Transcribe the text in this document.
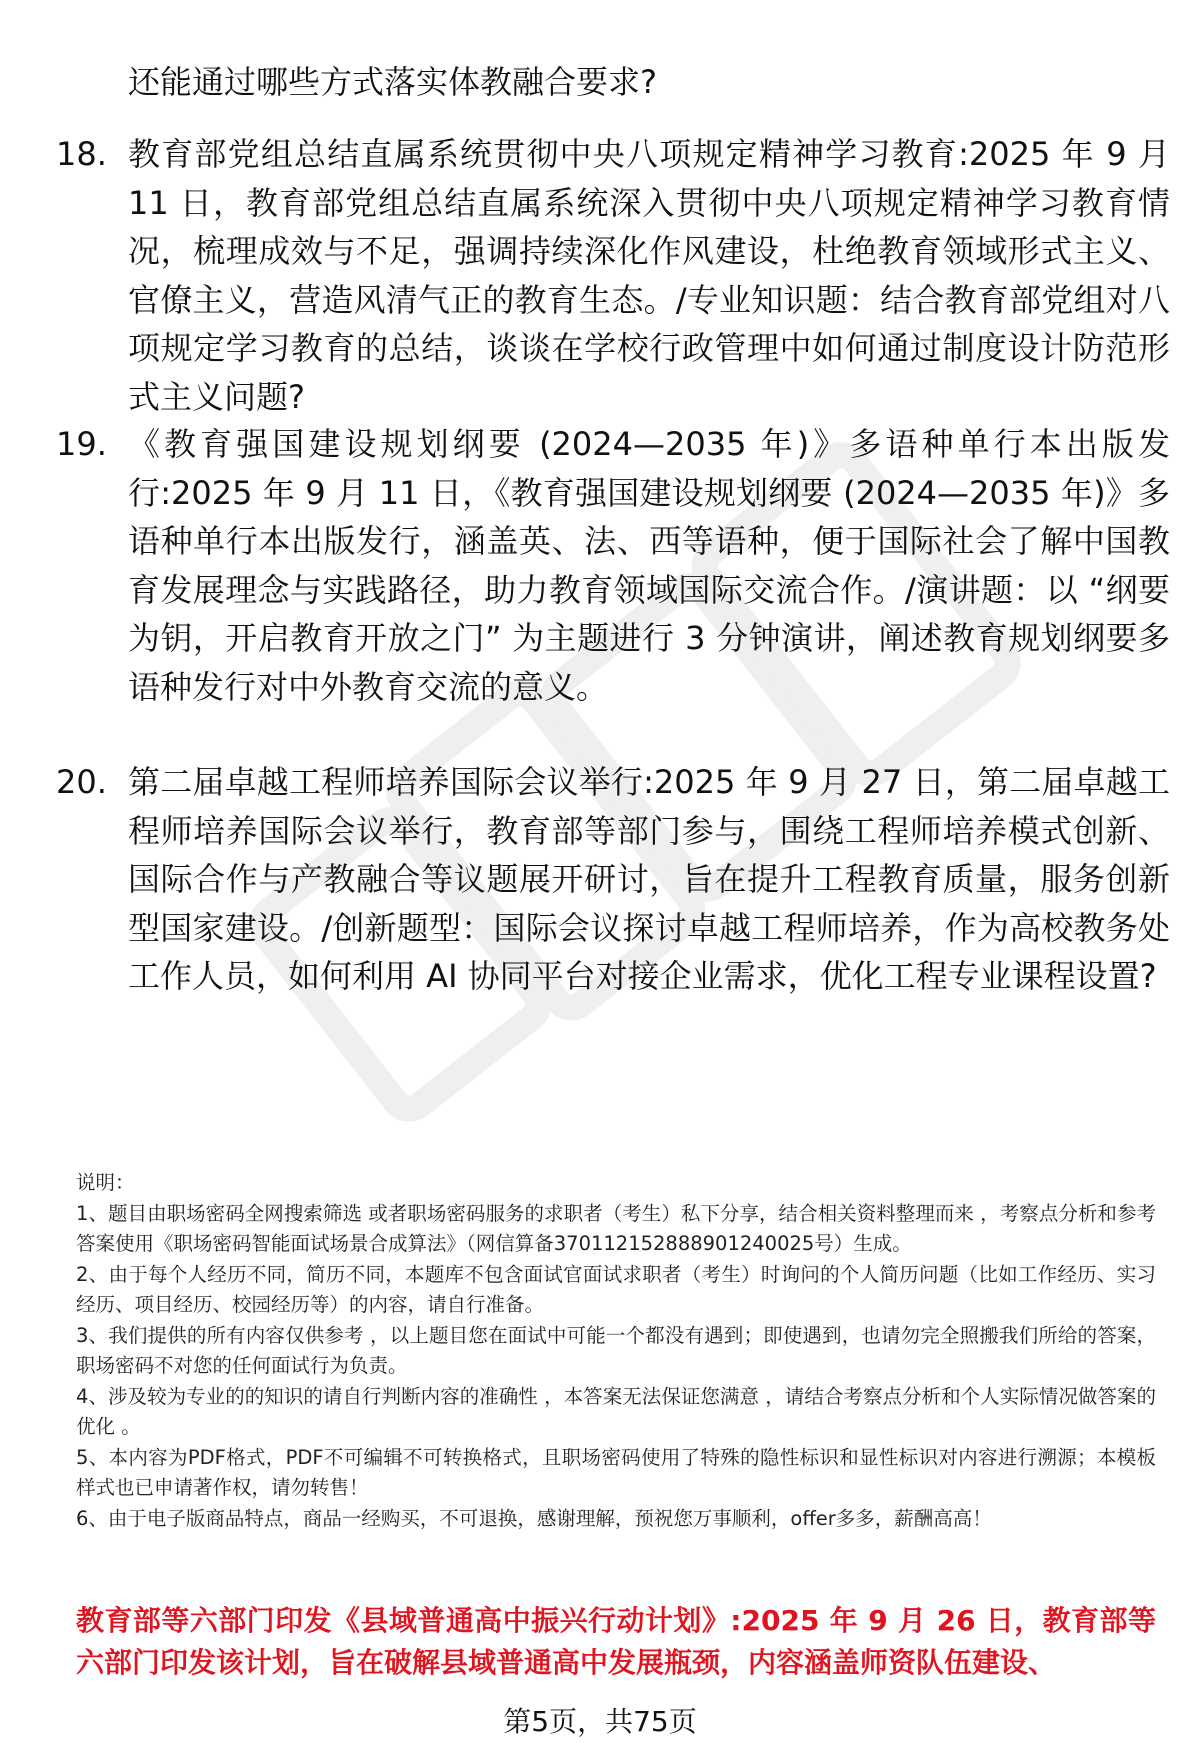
还能通过哪些方式落实体教融合要求?
18. 教育部党组总结直属系统贯彻中央八项规定精神学习教育:2025 年 9 月 11 日，教育部党组总结直属系统深入贯彻中央八项规定精神学习教育情况，梳理成效与不足，强调持续深化作风建设，杜绝教育领域形式主义、官僚主义，营造风清气正的教育生态。/专业知识题：结合教育部党组对八项规定学习教育的总结，谈谈在学校行政管理中如何通过制度设计防范形式主义问题?
19. 《教育强国建设规划纲要 (2024—2035 年)》多语种单行本出版发行:2025 年 9 月 11 日，《教育强国建设规划纲要 (2024—2035 年)》多语种单行本出版发行，涵盖英、法、西等语种，便于国际社会了解中国教育发展理念与实践路径，助力教育领域国际交流合作。/演讲题：以 “纲要为钥，开启教育开放之门” 为主题进行 3 分钟演讲，阐述教育规划纲要多语种发行对中外教育交流的意义。
20. 第二届卓越工程师培养国际会议举行:2025 年 9 月 27 日，第二届卓越工程师培养国际会议举行，教育部等部门参与，围绕工程师培养模式创新、国际合作与产教融合等议题展开研讨，旨在提升工程教育质量，服务创新型国家建设。/创新题型：国际会议探讨卓越工程师培养，作为高校教务处工作人员，如何利用 AI 协同平台对接企业需求，优化工程专业课程设置?

说明：

1、题目由职场密码全网搜索筛选 或者职场密码服务的求职者（考生）私下分享，结合相关资料整理而来 ，考察点分析和参考答案使用《职场密码智能面试场景合成算法》（网信算备370112152888901240025号）生成。

2、由于每个人经历不同，简历不同，本题库不包含面试官面试求职者（考生）时询问的个人简历问题（比如工作经历、实习经历、项目经历、校园经历等）的内容，请自行准备。

3、我们提供的所有内容仅供参考 ，以上题目您在面试中可能一个都没有遇到；即使遇到，也请勿完全照搬我们所给的答案，职场密码不对您的任何面试行为负责。

4、涉及较为专业的的知识的请自行判断内容的准确性 ，本答案无法保证您满意 ，请结合考察点分析和个人实际情况做答案的优化 。

5、本内容为PDF格式，PDF不可编辑不可转换格式，且职场密码使用了特殊的隐性标识和显性标识对内容进行溯源；本模板样式也已申请著作权，请勿转售！

6、由于电子版商品特点，商品一经购买，不可退换，感谢理解，预祝您万事顺利，offer多多，薪酬高高！

教育部等六部门印发《县域普通高中振兴行动计划》:2025 年 9 月 26 日，教育部等六部门印发该计划，旨在破解县域普通高中发展瓶颈，内容涵盖师资队伍建设、
第5页，共75页
